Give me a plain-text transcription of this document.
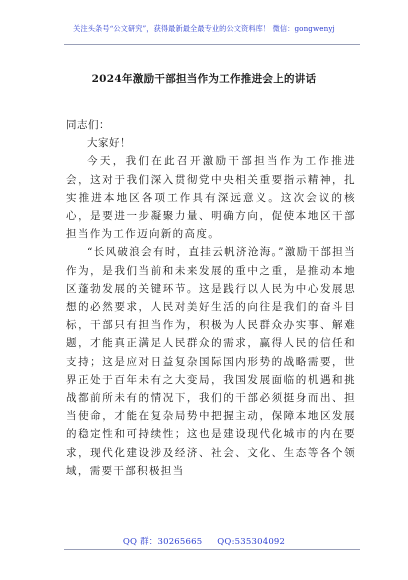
关注头条号“公文研究”，获得最新最全最专业的公文资料库！ 微信：gongwenyj
2024年激励干部担当作为工作推进会上的讲话

同志们：

大家好！

今天，我们在此召开激励干部担当作为工作推进会，这对于我们深入贯彻党中央相关重要指示精神，扎实推进本地区各项工作具有深远意义。这次会议的核心，是要进一步凝聚力量、明确方向，促使本地区干部担当作为工作迈向新的高度。

“长风破浪会有时，直挂云帆济沧海。”激励干部担当作为，是我们当前和未来发展的重中之重，是推动本地区蓬勃发展的关键环节。这是践行以人民为中心发展思想的必然要求，人民对美好生活的向往是我们的奋斗目标，干部只有担当作为，积极为人民群众办实事、解难题，才能真正满足人民群众的需求，赢得人民的信任和支持；这是应对日益复杂国际国内形势的战略需要，世界正处于百年未有之大变局，我国发展面临的机遇和挑战都前所未有的情况下，我们的干部必须挺身而出、担当使命，才能在复杂局势中把握主动，保障本地区发展的稳定性和可持续性；这也是建设现代化城市的内在要求，现代化建设涉及经济、社会、文化、生态等各个领域，需要干部积极担当

QQ 群：30265665 QQ:535304092
